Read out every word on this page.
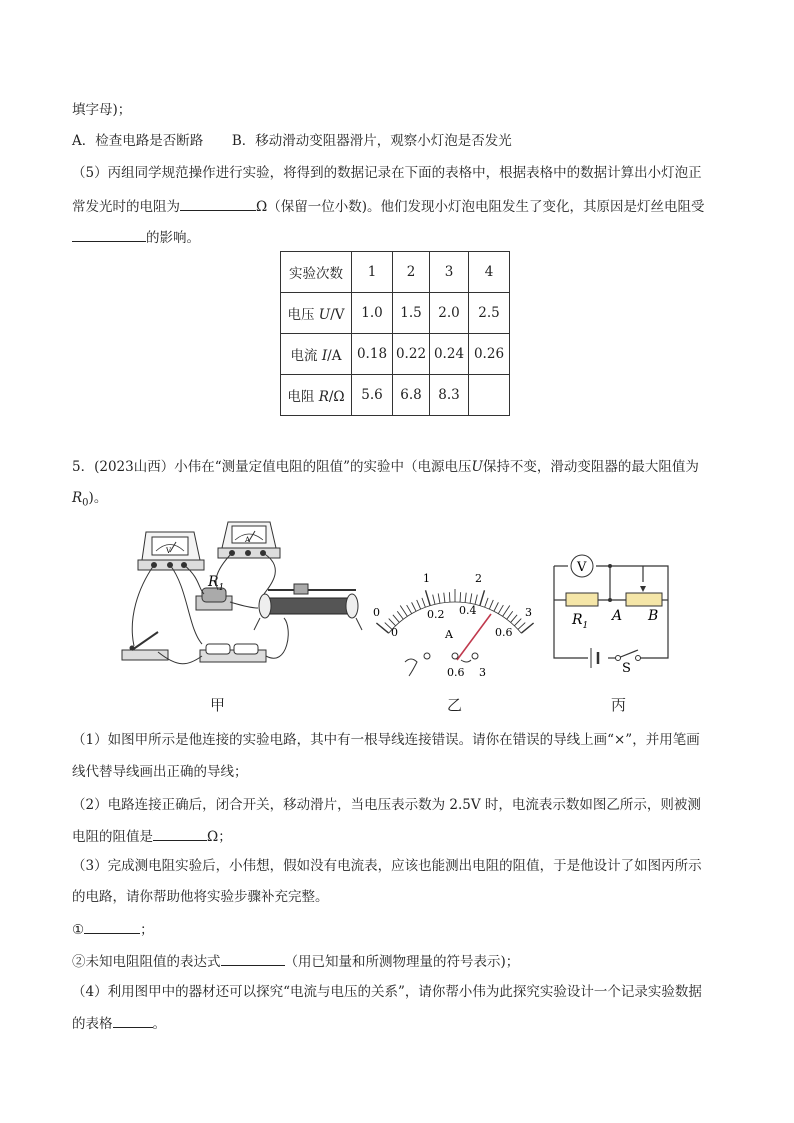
填字母)；
A．检查电路是否断路 B．移动滑动变阻器滑片，观察小灯泡是否发光
（5）丙组同学规范操作进行实验，将得到的数据记录在下面的表格中，根据表格中的数据计算出小灯泡正
常发光时的电阻为	Ω（保留一位小数)。他们发现小灯泡电阻发生了变化，其原因是灯丝电阻受
的影响。
实验次数	1	2	3	4
电压 U/V	1.0	1.5	2.0	2.5
电流 I/A	0.18	0.22	0.24	0.26
电阻 R/Ω	5.6	6.8	8.3	
5．(2023山西）小伟在“测量定值电阻的阻值”的实验中（电源电压U保持不变，滑动变阻器的最大阻值为
$R_0$)。
V
A
$R_1$
0
1	2
3
0.2 0.4
0	0.6
A
0.6 3
V
$R_1$
A B
S
甲	乙	丙
（1）如图甲所示是他连接的实验电路，其中有一根导线连接错误。请你在错误的导线上画“×”，并用笔画
线代替导线画出正确的导线；
（2）电路连接正确后，闭合开关，移动滑片，当电压表示数为 2.5V 时，电流表示数如图乙所示，则被测
电阻的阻值是	Ω；
（3）完成测电阻实验后，小伟想，假如没有电流表，应该也能测出电阻的阻值，于是他设计了如图丙所示
的电路，请你帮助他将实验步骤补充完整。
①	；
②未知电阻阻值的表达式	（用已知量和所测物理量的符号表示)；
（4）利用图甲中的器材还可以探究“电流与电压的关系”，请你帮小伟为此探究实验设计一个记录实验数据
的表格	。
